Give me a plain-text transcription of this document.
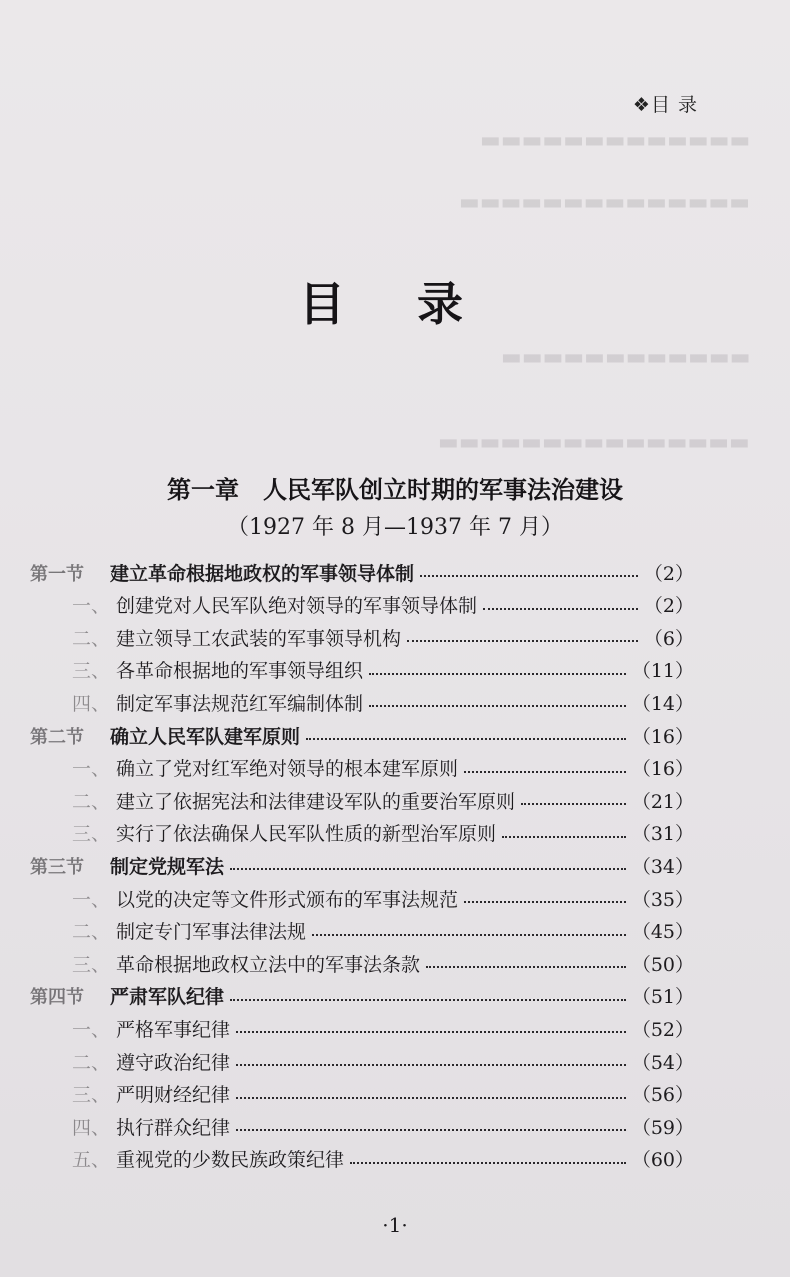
▬▬▬▬▬▬▬▬▬▬▬▬▬
▬▬▬▬▬▬▬▬▬▬▬▬▬▬
▬▬▬▬▬▬▬▬▬▬▬▬
▬▬▬▬▬▬▬▬▬▬▬▬▬▬▬
❖目 录
目 录
第一章　人民军队创立时期的军事法治建设
（1927 年 8 月—1937 年 7 月）
第一节 建立革命根据地政权的军事领导体制	（2）
一、 创建党对人民军队绝对领导的军事领导体制	（2）
二、 建立领导工农武装的军事领导机构	（6）
三、 各革命根据地的军事领导组织	（11）
四、 制定军事法规范红军编制体制	（14）
第二节 确立人民军队建军原则	（16）
一、 确立了党对红军绝对领导的根本建军原则	（16）
二、 建立了依据宪法和法律建设军队的重要治军原则	（21）
三、 实行了依法确保人民军队性质的新型治军原则	（31）
第三节 制定党规军法	（34）
一、 以党的决定等文件形式颁布的军事法规范	（35）
二、 制定专门军事法律法规	（45）
三、 革命根据地政权立法中的军事法条款	（50）
第四节 严肃军队纪律	（51）
一、 严格军事纪律	（52）
二、 遵守政治纪律	（54）
三、 严明财经纪律	（56）
四、 执行群众纪律	（59）
五、 重视党的少数民族政策纪律	（60）
·1·
